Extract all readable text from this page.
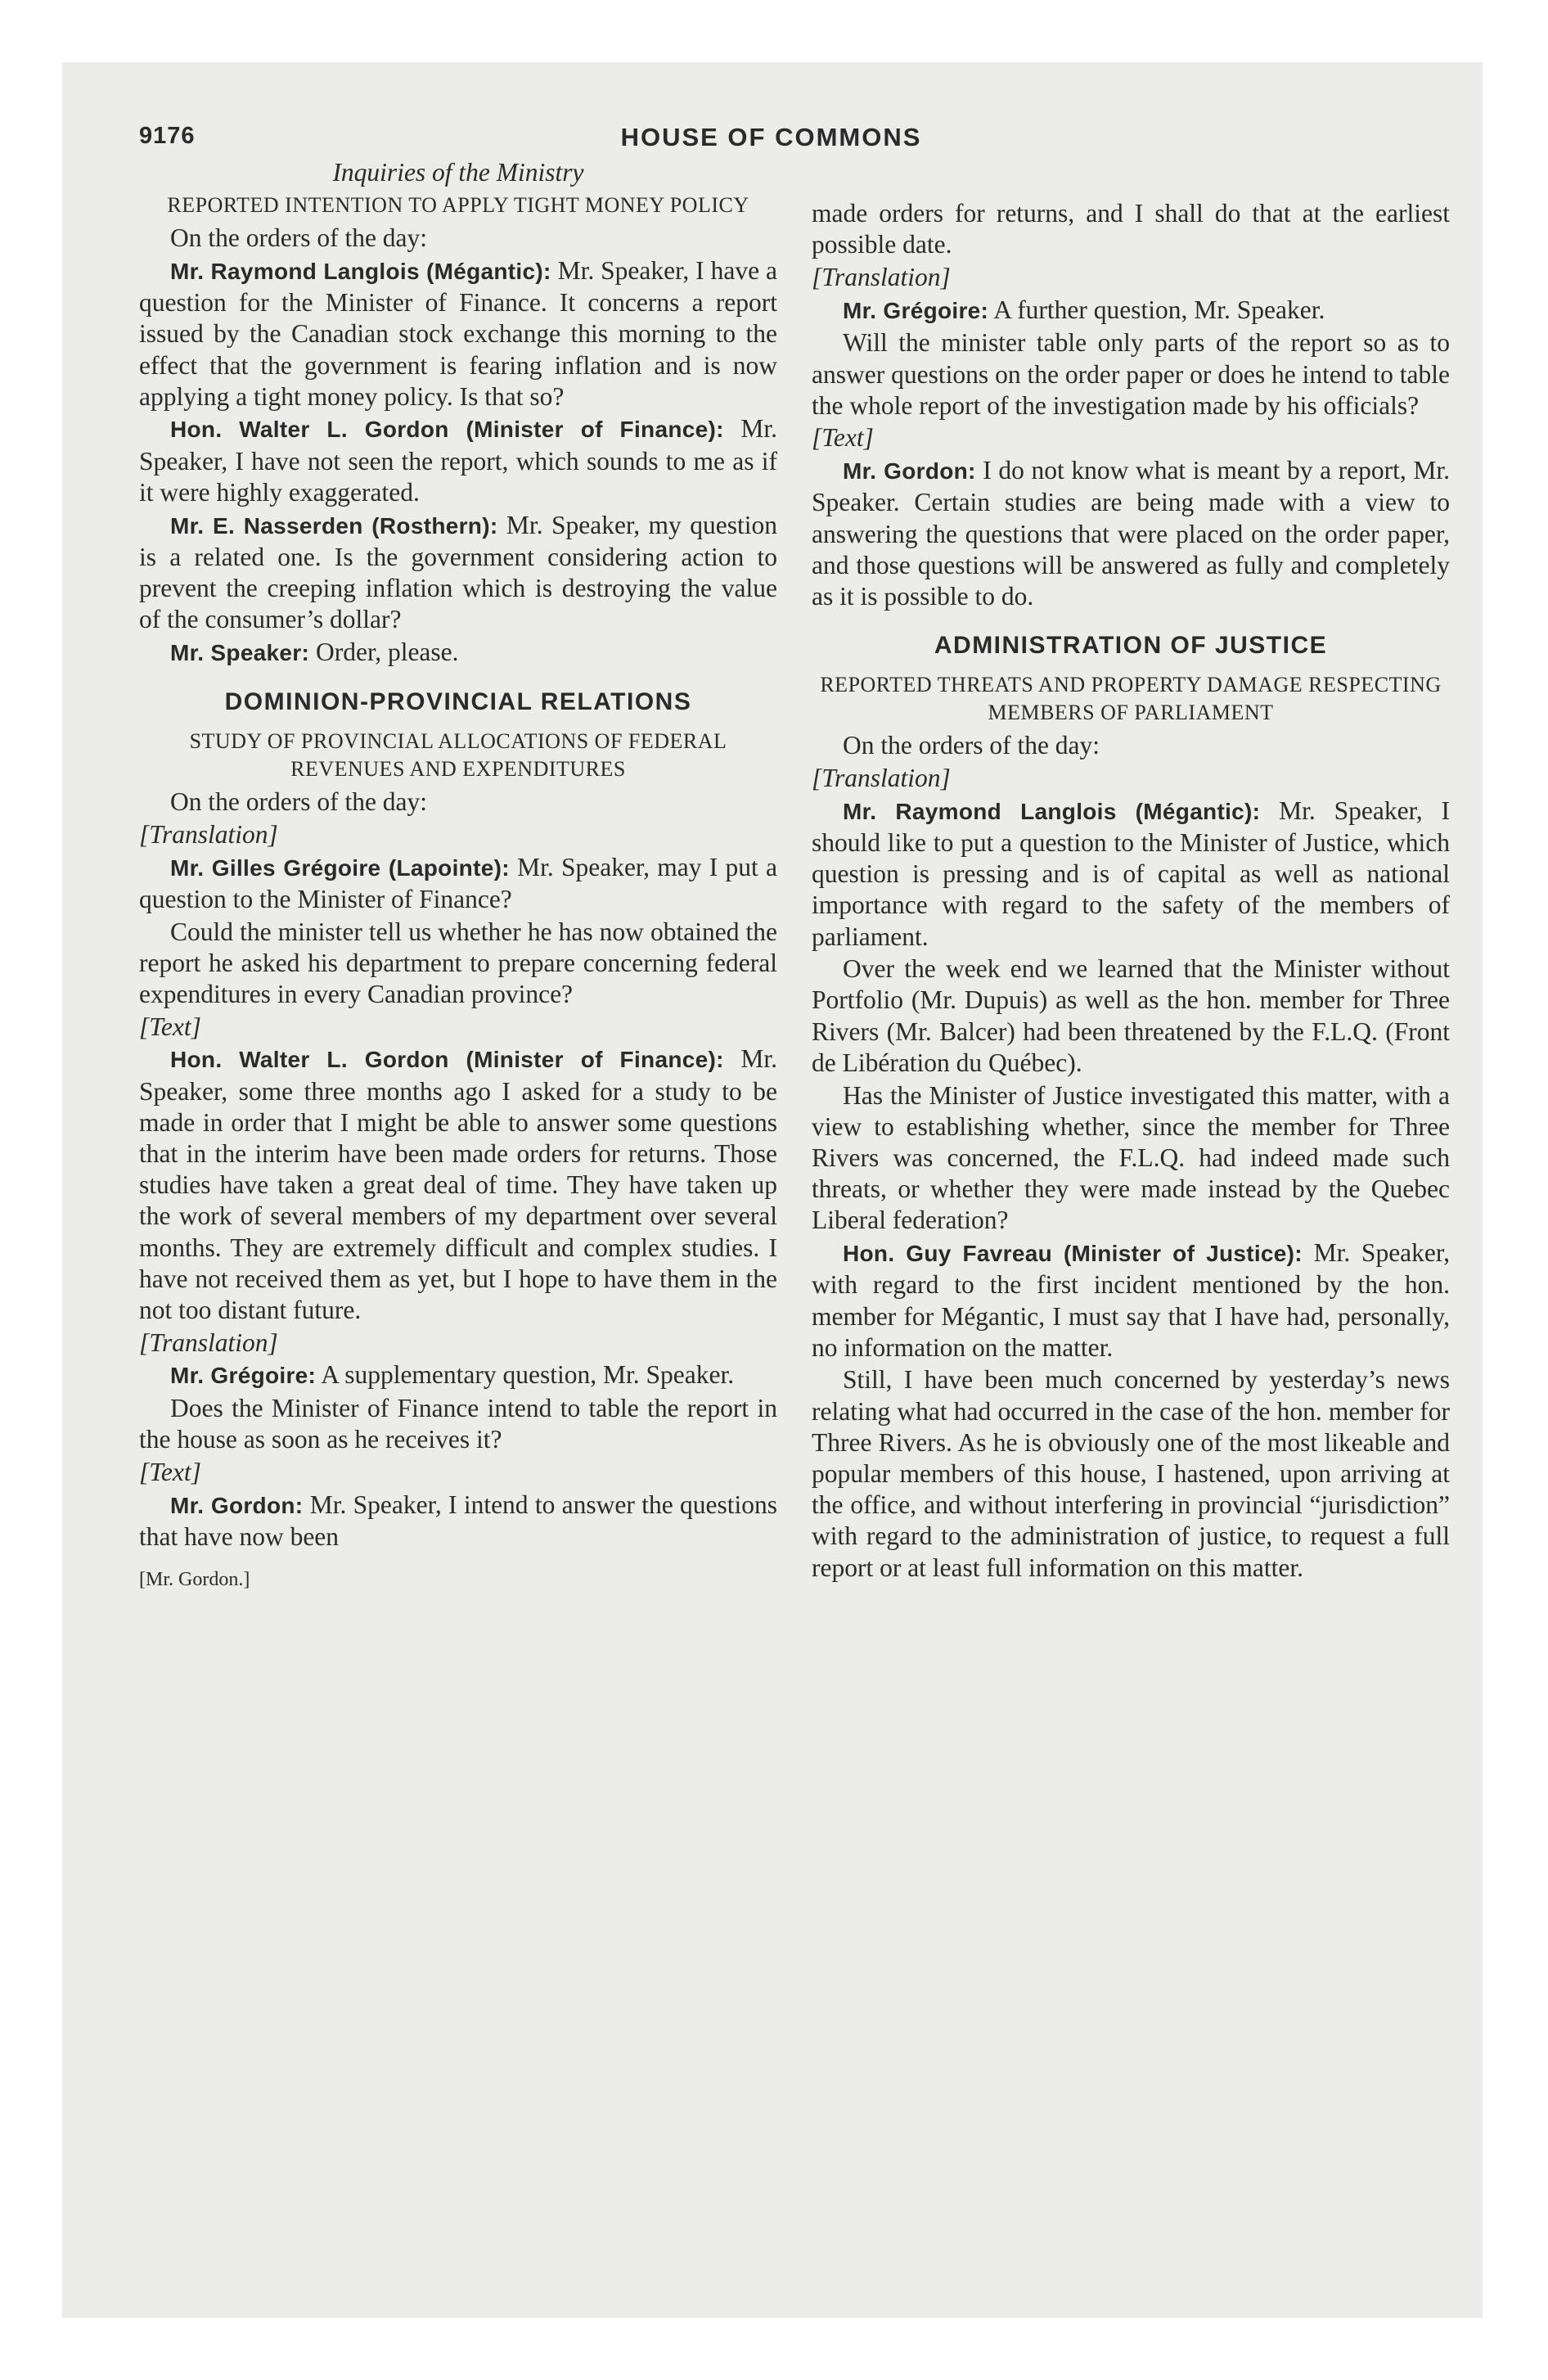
9176	HOUSE OF COMMONS

Inquiries of the Ministry

REPORTED INTENTION TO APPLY TIGHT MONEY POLICY

On the orders of the day:

Mr. Raymond Langlois (Mégantic): Mr. Speaker, I have a question for the Minister of Finance. It concerns a report issued by the Canadian stock exchange this morning to the effect that the government is fearing inflation and is now applying a tight money policy. Is that so?

Hon. Walter L. Gordon (Minister of Finance): Mr. Speaker, I have not seen the report, which sounds to me as if it were highly exaggerated.

Mr. E. Nasserden (Rosthern): Mr. Speaker, my question is a related one. Is the government considering action to prevent the creeping inflation which is destroying the value of the consumer’s dollar?

Mr. Speaker: Order, please.

DOMINION-PROVINCIAL RELATIONS

STUDY OF PROVINCIAL ALLOCATIONS OF FEDERAL REVENUES AND EXPENDITURES

On the orders of the day:

[Translation]

Mr. Gilles Grégoire (Lapointe): Mr. Speaker, may I put a question to the Minister of Finance?

Could the minister tell us whether he has now obtained the report he asked his department to prepare concerning federal expenditures in every Canadian province?

[Text]

Hon. Walter L. Gordon (Minister of Finance): Mr. Speaker, some three months ago I asked for a study to be made in order that I might be able to answer some questions that in the interim have been made orders for returns. Those studies have taken a great deal of time. They have taken up the work of several members of my department over several months. They are extremely difficult and complex studies. I have not received them as yet, but I hope to have them in the not too distant future.

[Translation]

Mr. Grégoire: A supplementary question, Mr. Speaker.

Does the Minister of Finance intend to table the report in the house as soon as he receives it?

[Text]

Mr. Gordon: Mr. Speaker, I intend to answer the questions that have now been

[Mr. Gordon.]

made orders for returns, and I shall do that at the earliest possible date.

[Translation]

Mr. Grégoire: A further question, Mr. Speaker.

Will the minister table only parts of the report so as to answer questions on the order paper or does he intend to table the whole report of the investigation made by his officials?

[Text]

Mr. Gordon: I do not know what is meant by a report, Mr. Speaker. Certain studies are being made with a view to answering the questions that were placed on the order paper, and those questions will be answered as fully and completely as it is possible to do.

ADMINISTRATION OF JUSTICE

REPORTED THREATS AND PROPERTY DAMAGE RESPECTING MEMBERS OF PARLIAMENT

On the orders of the day:

[Translation]

Mr. Raymond Langlois (Mégantic): Mr. Speaker, I should like to put a question to the Minister of Justice, which question is pressing and is of capital as well as national importance with regard to the safety of the members of parliament.

Over the week end we learned that the Minister without Portfolio (Mr. Dupuis) as well as the hon. member for Three Rivers (Mr. Balcer) had been threatened by the F.L.Q. (Front de Libération du Québec).

Has the Minister of Justice investigated this matter, with a view to establishing whether, since the member for Three Rivers was concerned, the F.L.Q. had indeed made such threats, or whether they were made instead by the Quebec Liberal federation?

Hon. Guy Favreau (Minister of Justice): Mr. Speaker, with regard to the first incident mentioned by the hon. member for Mégantic, I must say that I have had, personally, no information on the matter.

Still, I have been much concerned by yesterday’s news relating what had occurred in the case of the hon. member for Three Rivers. As he is obviously one of the most likeable and popular members of this house, I hastened, upon arriving at the office, and without interfering in provincial “jurisdiction” with regard to the administration of justice, to request a full report or at least full information on this matter.
